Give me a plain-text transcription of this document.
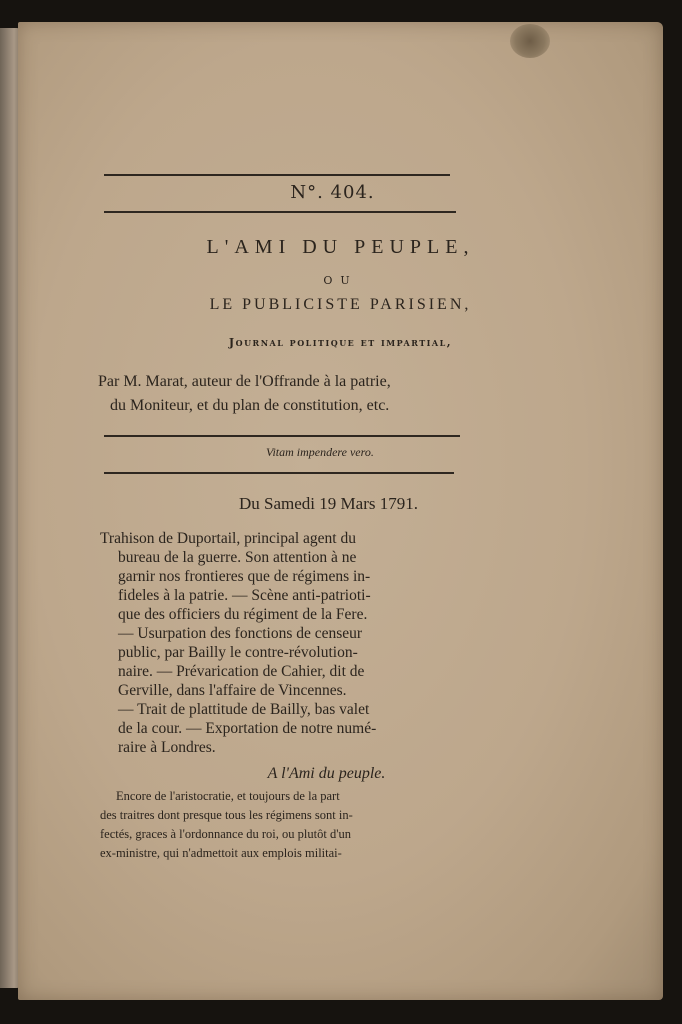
N°. 404.
L'AMI DU PEUPLE,
OU
LE PUBLICISTE PARISIEN,
Journal politique et impartial,
Par M. Marat, auteur de l'Offrande à la patrie,
du Moniteur, et du plan de constitution, etc.
Vitam impendere vero.
Du Samedi 19 Mars 1791.
Trahison de Duportail, principal agent du
bureau de la guerre. Son attention à ne
garnir nos frontieres que de régimens in-
fideles à la patrie. — Scène anti-patrioti-
que des officiers du régiment de la Fere.
— Usurpation des fonctions de censeur
public, par Bailly le contre-révolution-
naire. — Prévarication de Cahier, dit de
Gerville, dans l'affaire de Vincennes.
— Trait de plattitude de Bailly, bas valet
de la cour. — Exportation de notre numé-
raire à Londres.
A l'Ami du peuple.
Encore de l'aristocratie, et toujours de la part
des traitres dont presque tous les régimens sont in-
fectés, graces à l'ordonnance du roi, ou plutôt d'un
ex-ministre, qui n'admettoit aux emplois militai-
